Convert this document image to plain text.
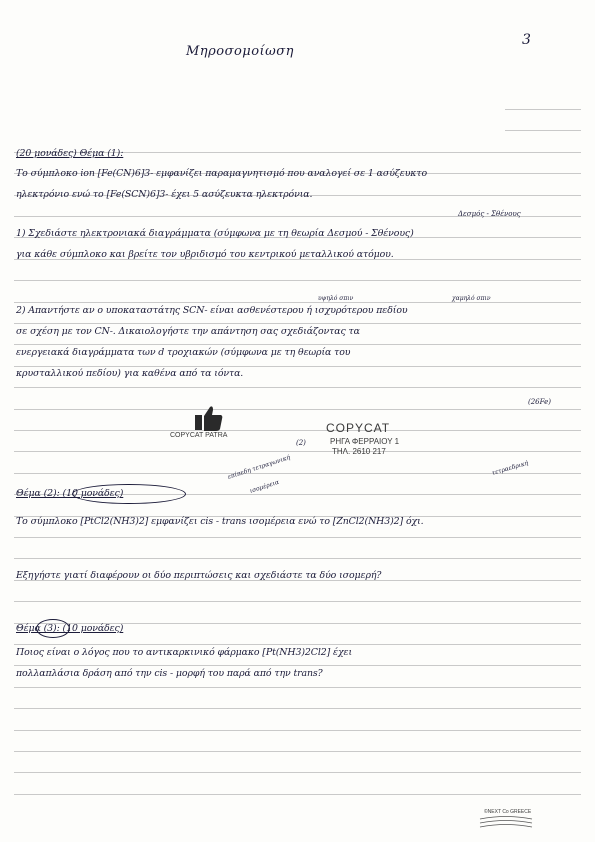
Μηροσομοίωση
3
(20 μονάδες) Θέμα (1):
Το σύμπλοκο ion [Fe(CN)6]3- εμφανίζει παραμαγνητισμό που αναλογεί σε 1 ασύζευκτο
ηλεκτρόνιο ενώ το [Fe(SCN)6]3- έχει 5 ασύζευκτα ηλεκτρόνια.
Δεσμός - Σθένους
1) Σχεδιάστε ηλεκτρονιακά διαγράμματα (σύμφωνα με τη θεωρία Δεσμού - Σθένους)
για κάθε σύμπλοκο και βρείτε τον υβριδισμό του κεντρικού μεταλλικού ατόμου.
υψηλό σπιν	χαμηλό σπιν
2) Απαντήστε αν ο υποκαταστάτης SCN- είναι ασθενέστερου ή ισχυρότερου πεδίου
σε σχέση με τον CN-. Δικαιολογήστε την απάντηση σας σχεδιάζοντας τα
ενεργειακά διαγράμματα των d τροχιακών (σύμφωνα με τη θεωρία του
κρυσταλλικού πεδίου) για καθένα από τα ιόντα.
(26Fe)
COPYCAT PATRA
COPYCAT
ΡΗΓΑ ΦΕΡΡΑΙΟΥ 1
ΤΗΛ. 2610 217
(2)
επίπεδη τετραγωνική
ισομέρεια
τετραεδρική
Θέμα (2): (10 μονάδες)
Το σύμπλοκο [PtCl2(NH3)2] εμφανίζει cis - trans ισομέρεια ενώ το [ZnCl2(NH3)2] όχι.
Εξηγήστε γιατί διαφέρουν οι δύο περιπτώσεις και σχεδιάστε τα δύο ισομερή?
Θέμα (3): (10 μονάδες)
Ποιος είναι ο λόγος που το αντικαρκινικό φάρμακο [Pt(NH3)2Cl2] έχει
πολλαπλάσια δράση από την cis - μορφή του παρά από την trans?
©NEXT Co GREECE
